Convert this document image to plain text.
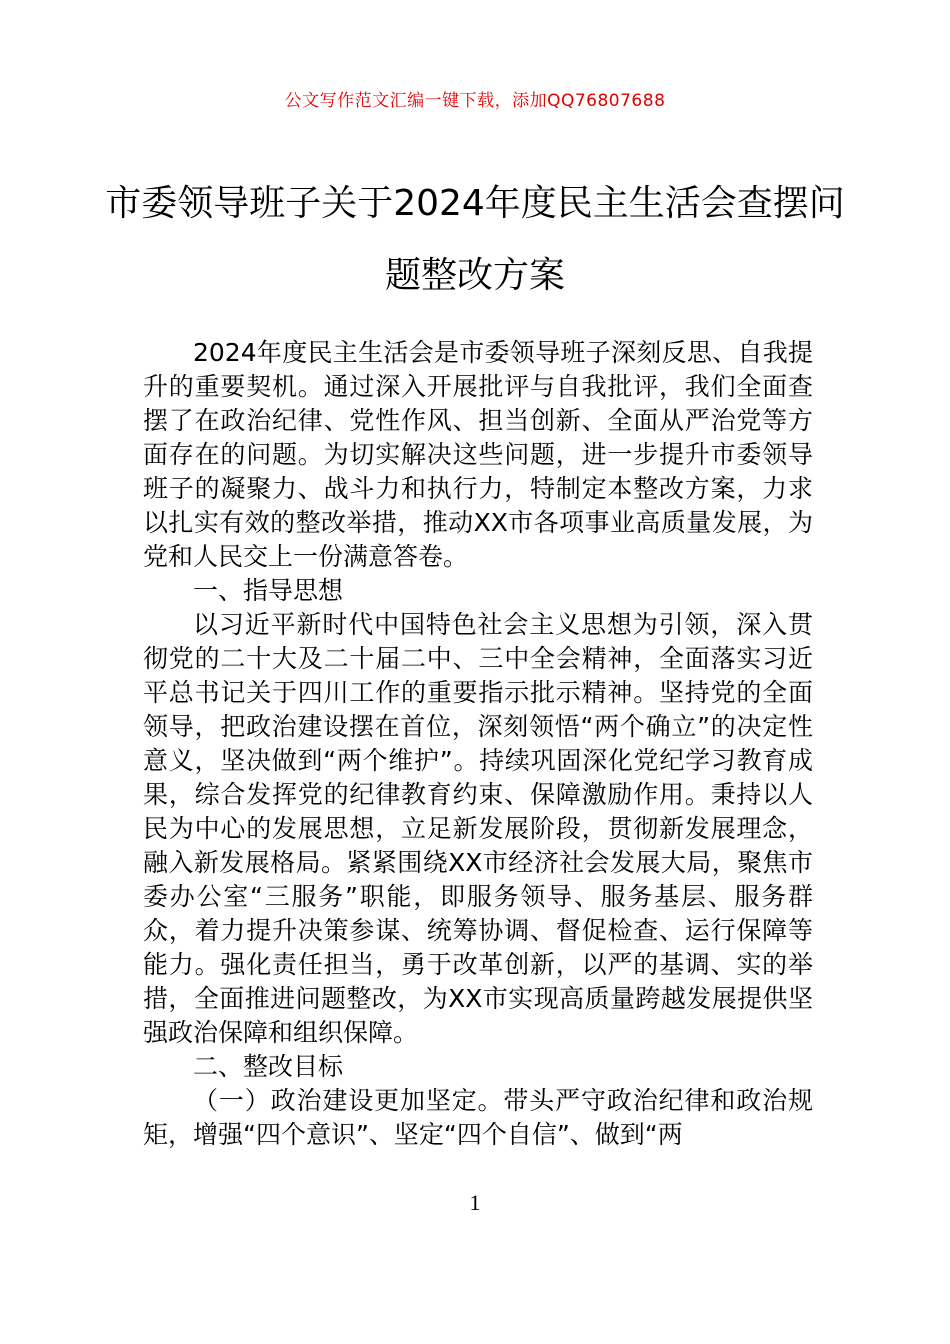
公文写作范文汇编一键下载，添加QQ76807688
市委领导班子关于2024年度民主生活会查摆问题整改方案

2024年度民主生活会是市委领导班子深刻反思、自我提升的重要契机。通过深入开展批评与自我批评，我们全面查摆了在政治纪律、党性作风、担当创新、全面从严治党等方面存在的问题。为切实解决这些问题，进一步提升市委领导班子的凝聚力、战斗力和执行力，特制定本整改方案，力求以扎实有效的整改举措，推动XX市各项事业高质量发展，为党和人民交上一份满意答卷。

一、指导思想

以习近平新时代中国特色社会主义思想为引领，深入贯彻党的二十大及二十届二中、三中全会精神，全面落实习近平总书记关于四川工作的重要指示批示精神。坚持党的全面领导，把政治建设摆在首位，深刻领悟“两个确立”的决定性意义，坚决做到“两个维护”。持续巩固深化党纪学习教育成果，综合发挥党的纪律教育约束、保障激励作用。秉持以人民为中心的发展思想，立足新发展阶段，贯彻新发展理念，融入新发展格局。紧紧围绕XX市经济社会发展大局，聚焦市委办公室“三服务”职能，即服务领导、服务基层、服务群众，着力提升决策参谋、统筹协调、督促检查、运行保障等能力。强化责任担当，勇于改革创新，以严的基调、实的举措，全面推进问题整改，为XX市实现高质量跨越发展提供坚强政治保障和组织保障。

二、整改目标

（一）政治建设更加坚定。带头严守政治纪律和政治规矩，增强“四个意识”、坚定“四个自信”、做到“两

1
